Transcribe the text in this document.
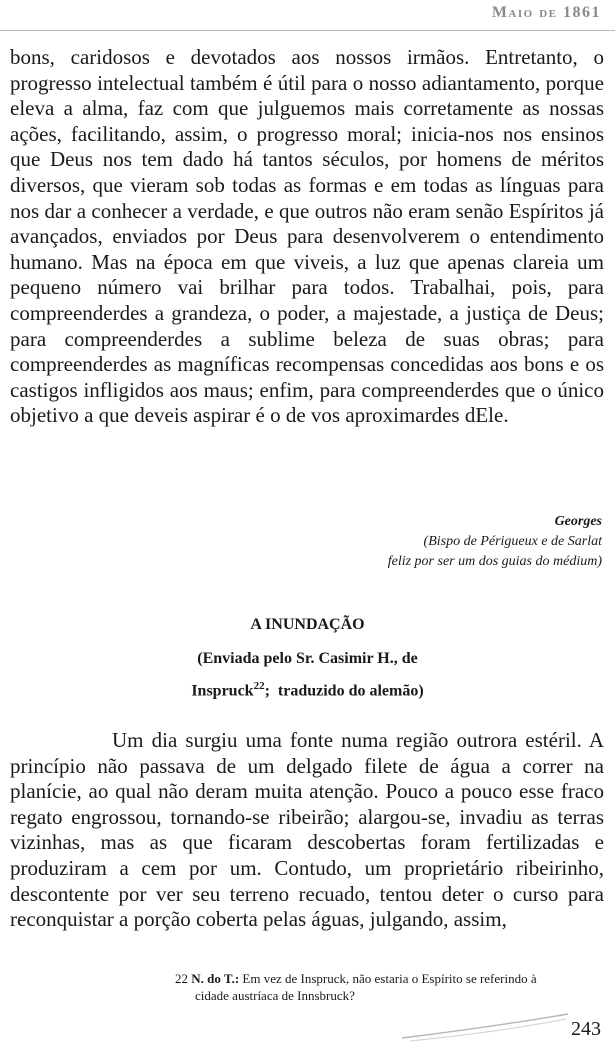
Maio de 1861

bons, caridosos e devotados aos nossos irmãos. Entretanto, o progresso intelectual também é útil para o nosso adiantamento, porque eleva a alma, faz com que julguemos mais corretamente as nossas ações, facilitando, assim, o progresso moral; inicia-nos nos ensinos que Deus nos tem dado há tantos séculos, por homens de méritos diversos, que vieram sob todas as formas e em todas as línguas para nos dar a conhecer a verdade, e que outros não eram senão Espíritos já avançados, enviados por Deus para desenvolverem o entendimento humano. Mas na época em que viveis, a luz que apenas clareia um pequeno número vai brilhar para todos. Trabalhai, pois, para compreenderdes a grandeza, o poder, a majestade, a justiça de Deus; para compreenderdes a sublime beleza de suas obras; para compreenderdes as magníficas recompensas concedidas aos bons e os castigos infligidos aos maus; enfim, para compreenderdes que o único objetivo a que deveis aspirar é o de vos aproximardes dEle.

Georges
(Bispo de Périgueux e de Sarlat
feliz por ser um dos guias do médium)
A INUNDAÇÃO
(Enviada pelo Sr. Casimir H., de
Inspruck$^{22}$;  traduzido do alemão)

Um dia surgiu uma fonte numa região outrora estéril. A princípio não passava de um delgado filete de água a correr na planície, ao qual não deram muita atenção. Pouco a pouco esse fraco regato engrossou, tornando-se ribeirão; alargou-se, invadiu as terras vizinhas, mas as que ficaram descobertas foram fertilizadas e produziram a cem por um. Contudo, um proprietário ribeirinho, descontente por ver seu terreno recuado, tentou deter o curso para reconquistar a porção coberta pelas águas, julgando, assim,

22 N. do T.: Em vez de Inspruck, não estaria o Espírito se referindo à
cidade austríaca de Innsbruck?
243
